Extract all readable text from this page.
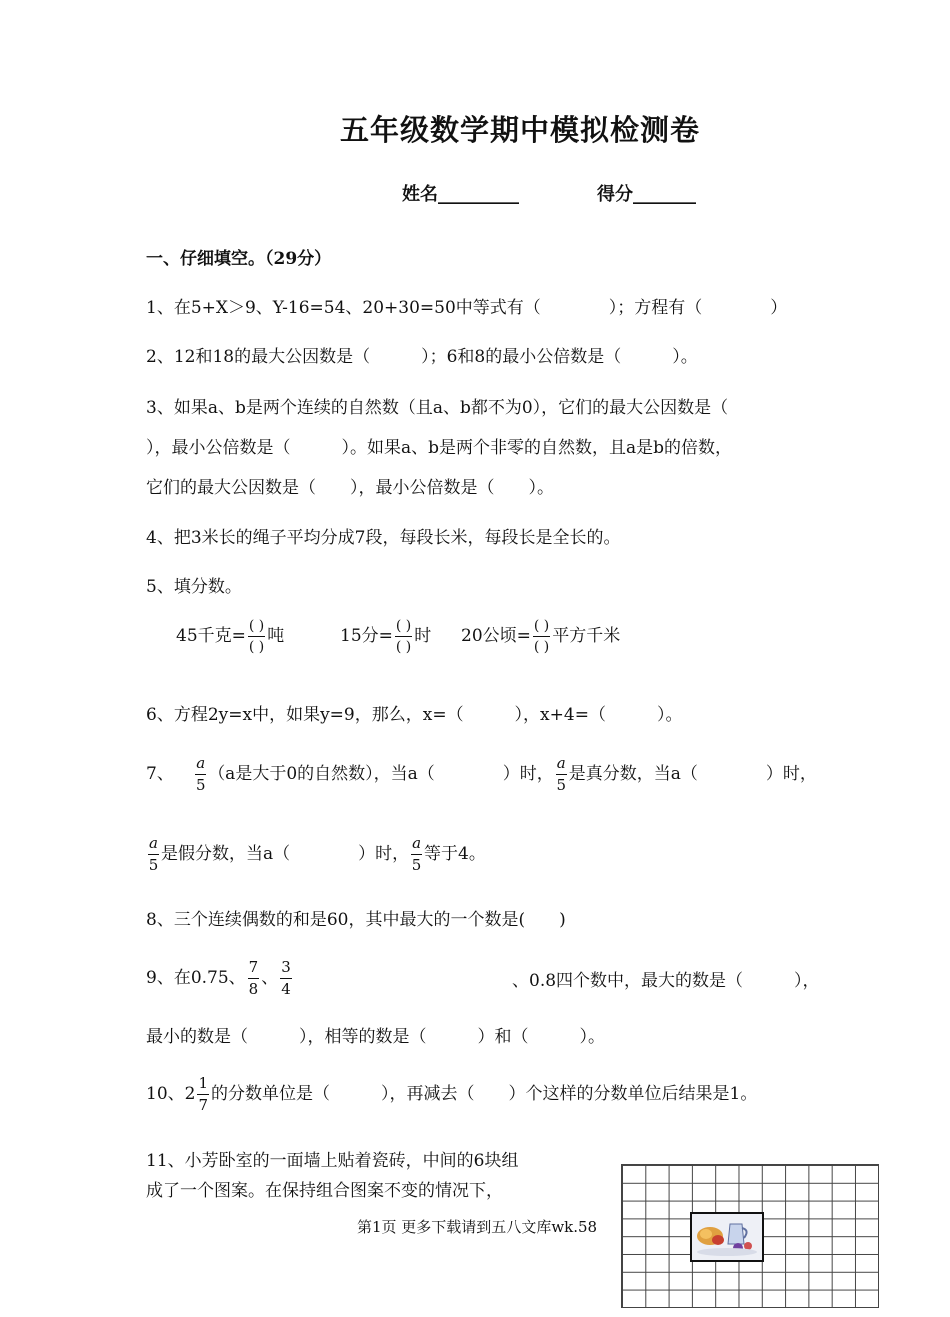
五年级数学期中模拟检测卷
姓名_________	得分_______
一、仔细填空。（29分）
1、在5+X＞9、Y-16=54、20+30=50中等式有（　　　　）；方程有（　　　　）
2、12和18的最大公因数是（　　　）；6和8的最小公倍数是（　　　）。
3、如果a、b是两个连续的自然数（且a、b都不为0），它们的最大公因数是（
），最小公倍数是（　　　）。如果a、b是两个非零的自然数，且a是b的倍数，
它们的最大公因数是（　　），最小公倍数是（　　）。
4、把3米长的绳子平均分成7段，每段长米，每段长是全长的。
5、填分数。
45千克= $\frac{( )}{( )}$ 吨	15分= $\frac{( )}{( )}$ 时 20公顷= $\frac{( )}{( )}$ 平方千米
6、方程2y=x中，如果y=9，那么，x=（　　　），x+4=（　　　）。
7、 $\frac{a}{5} (a$是大于0的自然数），当a（　　　　）时， $\frac{a}{5}$ 是真分数，当a（　　　　）时，
$\frac{a}{5}$ 是假分数，当a（　　　　）时， $\frac{a}{5}$ 等于4。
8、三个连续偶数的和是60，其中最大的一个数是(　　)
9、在0.75、 $\frac{7}{8}$ 、 $\frac{3}{4}$	、0.8四个数中，最大的数是（　　　），
最小的数是（　　　），相等的数是（　　　）和（　　　）。
10、$2 \frac{1}{7}$ 的分数单位是（　　　），再减去（　　）个这样的分数单位后结果是1。
11、小芳卧室的一面墙上贴着瓷砖，中间的6块组
成了一个图案。在保持组合图案不变的情况下，
第1页 更多下载请到五八文库wk.58
